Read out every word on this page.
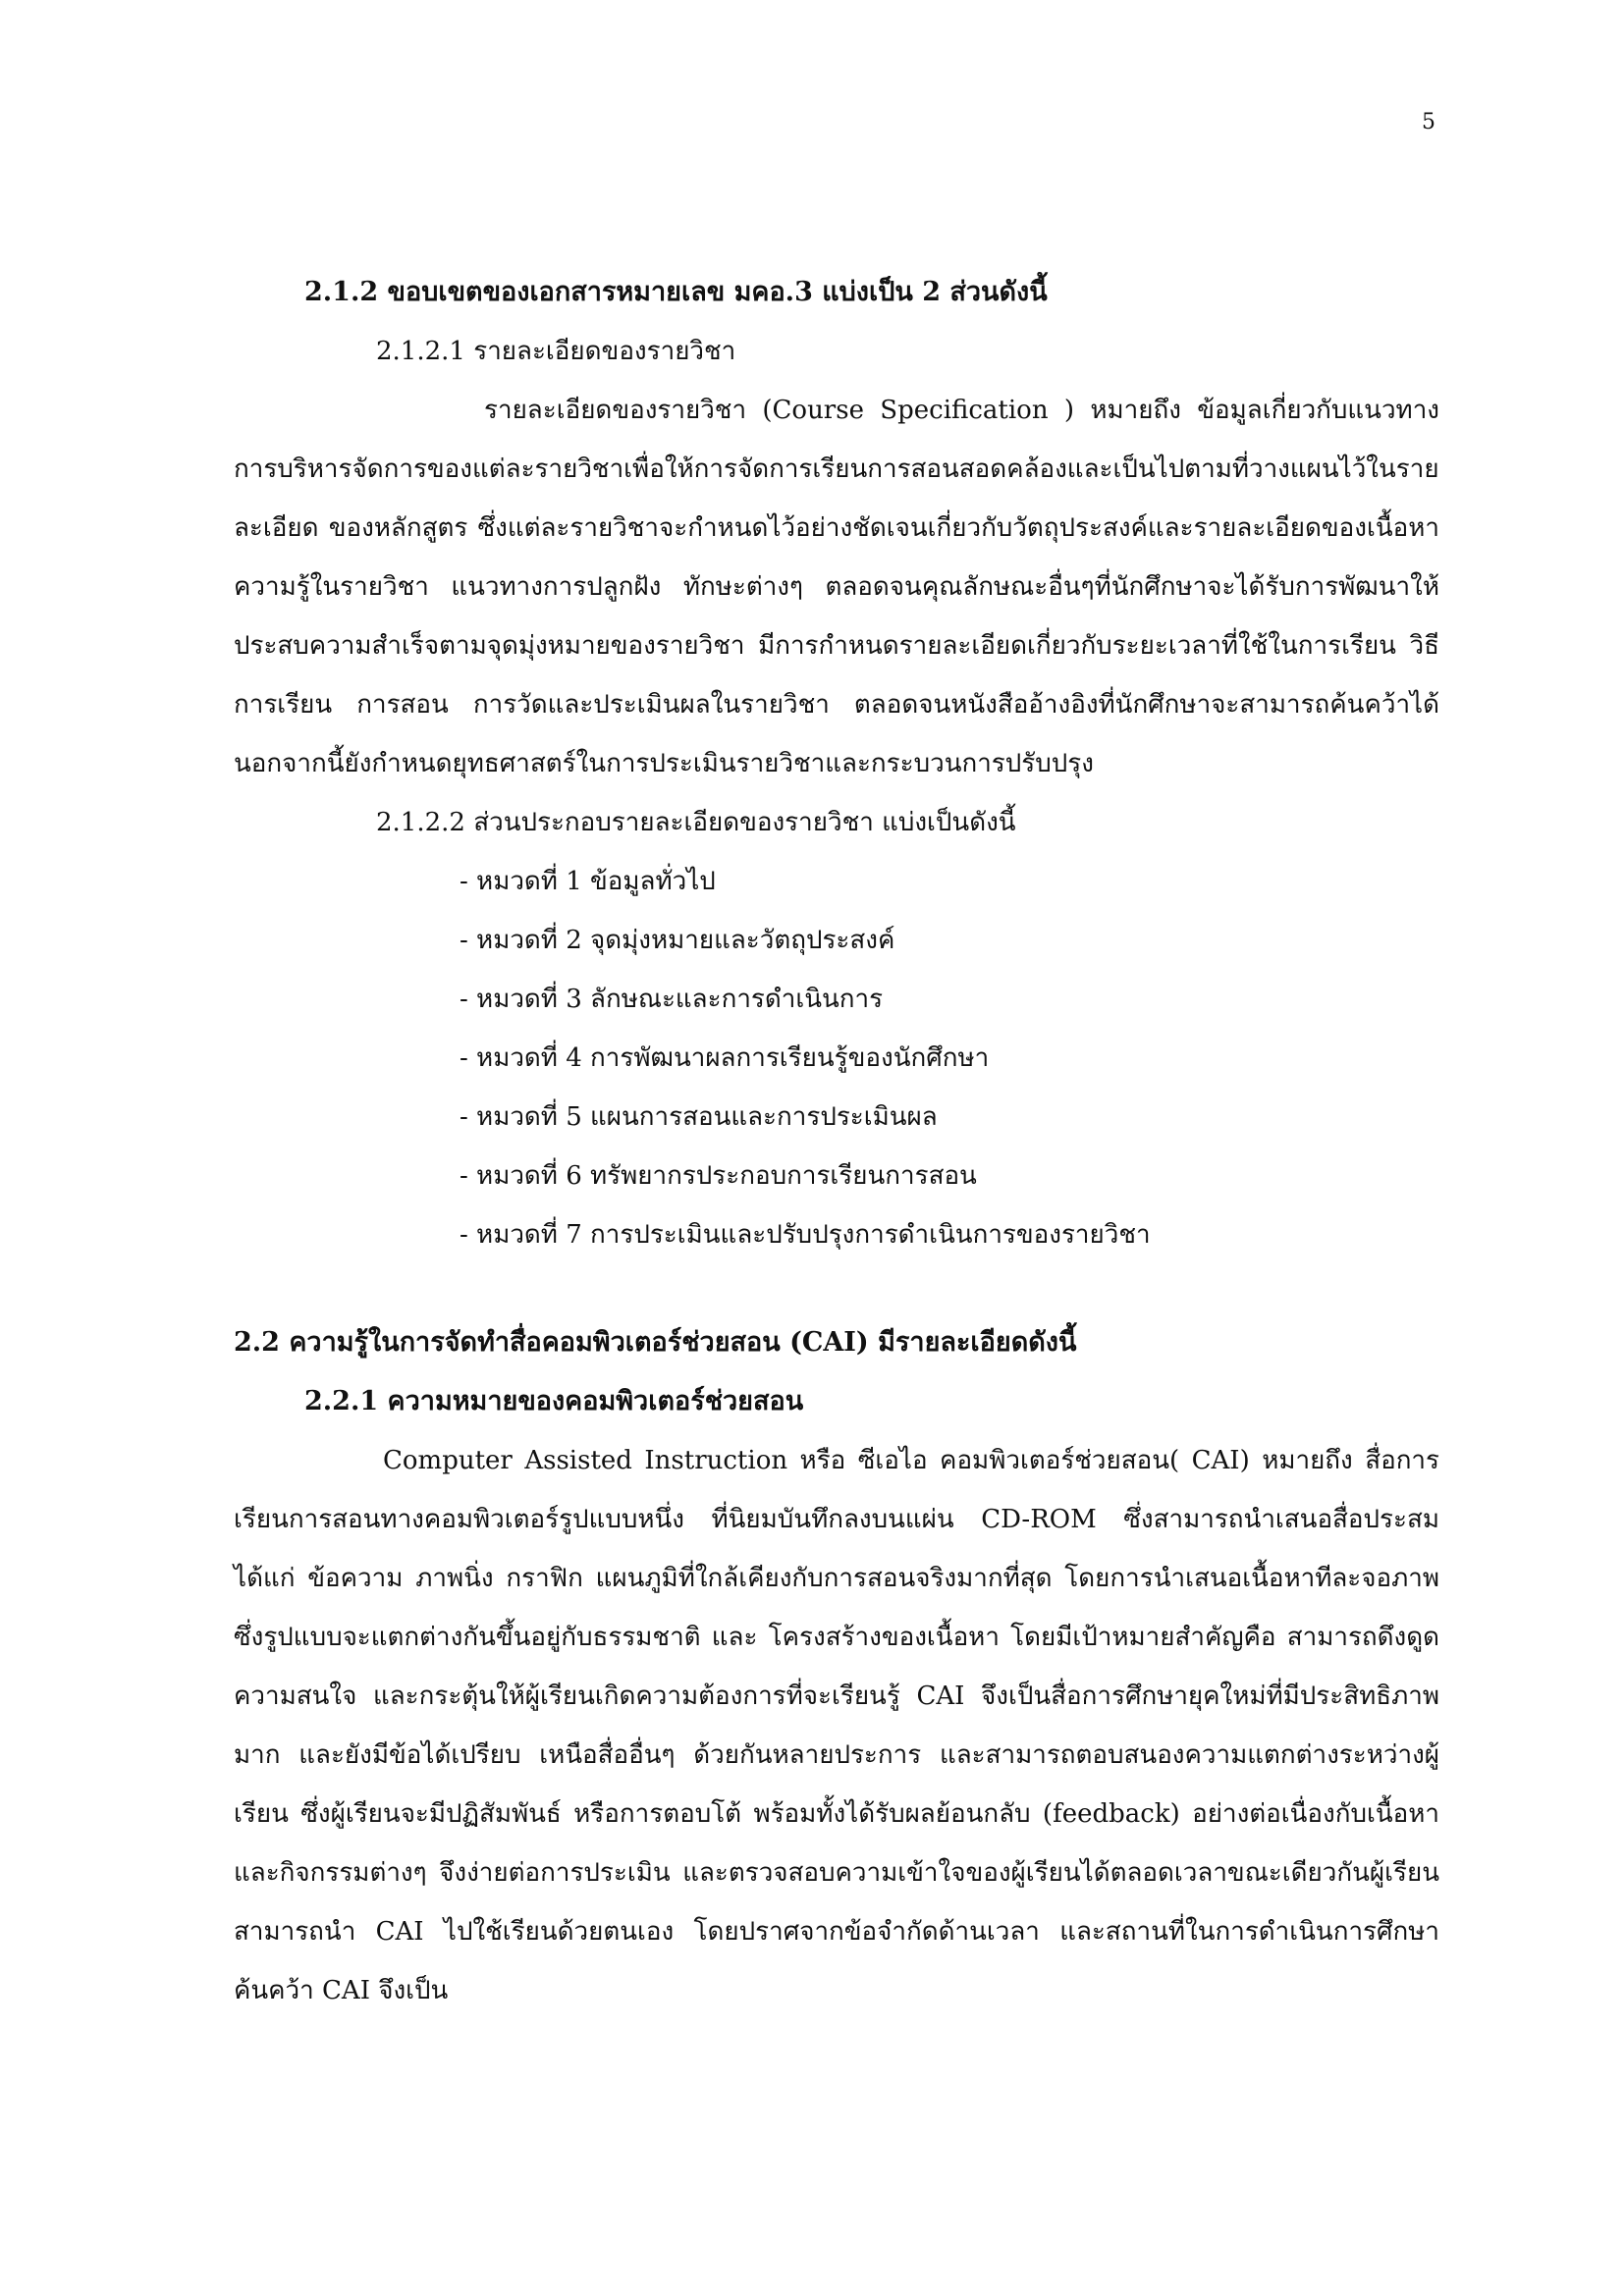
5
2.1.2 ขอบเขตของเอกสารหมายเลข มคอ.3 แบ่งเป็น 2 ส่วนดังนี้
2.1.2.1 รายละเอียดของรายวิชา

รายละเอียดของรายวิชา (Course Specification ) หมายถึง ข้อมูลเกี่ยวกับแนวทางการบริหารจัดการของแต่ละรายวิชาเพื่อให้การจัดการเรียนการสอนสอดคล้องและเป็นไปตามที่วางแผนไว้ในรายละเอียด ของหลักสูตร ซึ่งแต่ละรายวิชาจะกำหนดไว้อย่างชัดเจนเกี่ยวกับวัตถุประสงค์และรายละเอียดของเนื้อหาความรู้ในรายวิชา แนวทางการปลูกฝัง ทักษะต่างๆ ตลอดจนคุณลักษณะอื่นๆที่นักศึกษาจะได้รับการพัฒนาให้ประสบความสำเร็จตามจุดมุ่งหมายของรายวิชา มีการกำหนดรายละเอียดเกี่ยวกับระยะเวลาที่ใช้ในการเรียน วิธีการเรียน การสอน การวัดและประเมินผลในรายวิชา ตลอดจนหนังสืออ้างอิงที่นักศึกษาจะสามารถค้นคว้าได้ นอกจากนี้ยังกำหนดยุทธศาสตร์ในการประเมินรายวิชาและกระบวนการปรับปรุง

2.1.2.2 ส่วนประกอบรายละเอียดของรายวิชา แบ่งเป็นดังนี้
- หมวดที่ 1 ข้อมูลทั่วไป
- หมวดที่ 2 จุดมุ่งหมายและวัตถุประสงค์
- หมวดที่ 3 ลักษณะและการดำเนินการ
- หมวดที่ 4 การพัฒนาผลการเรียนรู้ของนักศึกษา
- หมวดที่ 5 แผนการสอนและการประเมินผล
- หมวดที่ 6 ทรัพยากรประกอบการเรียนการสอน
- หมวดที่ 7 การประเมินและปรับปรุงการดำเนินการของรายวิชา
2.2 ความรู้ในการจัดทำสื่อคอมพิวเตอร์ช่วยสอน (CAI) มีรายละเอียดดังนี้
2.2.1 ความหมายของคอมพิวเตอร์ช่วยสอน

Computer Assisted Instruction หรือ ซีเอไอ คอมพิวเตอร์ช่วยสอน( CAI) หมายถึง สื่อการเรียนการสอนทางคอมพิวเตอร์รูปแบบหนึ่ง ที่นิยมบันทึกลงบนแผ่น CD-ROM ซึ่งสามารถนำเสนอสื่อประสมได้แก่ ข้อความ ภาพนิ่ง กราฟิก แผนภูมิที่ใกล้เคียงกับการสอนจริงมากที่สุด โดยการนำเสนอเนื้อหาทีละจอภาพ ซึ่งรูปแบบจะแตกต่างกันขึ้นอยู่กับธรรมชาติ และ โครงสร้างของเนื้อหา โดยมีเป้าหมายสำคัญคือ สามารถดึงดูดความสนใจ และกระตุ้นให้ผู้เรียนเกิดความต้องการที่จะเรียนรู้ CAI จึงเป็นสื่อการศึกษายุคใหม่ที่มีประสิทธิภาพมาก และยังมีข้อได้เปรียบ เหนือสื่ออื่นๆ ด้วยกันหลายประการ และสามารถตอบสนองความแตกต่างระหว่างผู้เรียน ซึ่งผู้เรียนจะมีปฏิสัมพันธ์ หรือการตอบโต้ พร้อมทั้งได้รับผลย้อนกลับ (feedback) อย่างต่อเนื่องกับเนื้อหา และกิจกรรมต่างๆ จึงง่ายต่อการประเมิน และตรวจสอบความเข้าใจของผู้เรียนได้ตลอดเวลาขณะเดียวกันผู้เรียนสามารถนำ CAI ไปใช้เรียนด้วยตนเอง โดยปราศจากข้อจำกัดด้านเวลา และสถานที่ในการดำเนินการศึกษาค้นคว้า CAI จึงเป็น
